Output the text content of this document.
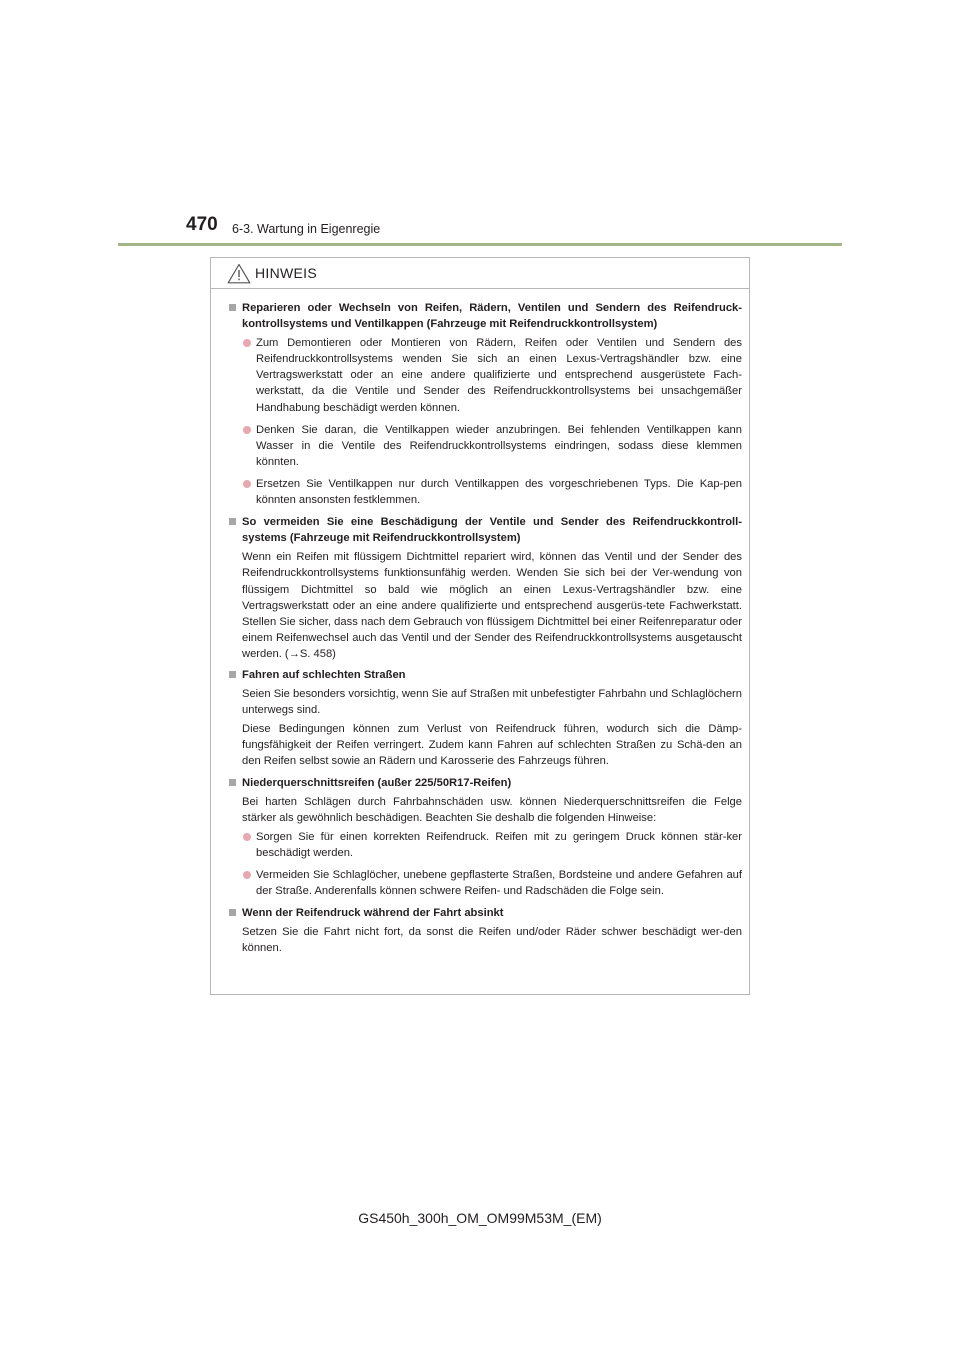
470 6-3. Wartung in Eigenregie
HINWEIS
Reparieren oder Wechseln von Reifen, Rädern, Ventilen und Sendern des Reifendruck-kontrollsystems und Ventilkappen (Fahrzeuge mit Reifendruckkontrollsystem)
Zum Demontieren oder Montieren von Rädern, Reifen oder Ventilen und Sendern des Reifendruckkontrollsystems wenden Sie sich an einen Lexus-Vertragshändler bzw. eine Vertragswerkstatt oder an eine andere qualifizierte und entsprechend ausgerüstete Fach-werkstatt, da die Ventile und Sender des Reifendruckkontrollsystems bei unsachgemäßer Handhabung beschädigt werden können.
Denken Sie daran, die Ventilkappen wieder anzubringen. Bei fehlenden Ventilkappen kann Wasser in die Ventile des Reifendruckkontrollsystems eindringen, sodass diese klemmen könnten.
Ersetzen Sie Ventilkappen nur durch Ventilkappen des vorgeschriebenen Typs. Die Kap-pen könnten ansonsten festklemmen.
So vermeiden Sie eine Beschädigung der Ventile und Sender des Reifendruckkontroll-systems (Fahrzeuge mit Reifendruckkontrollsystem)
Wenn ein Reifen mit flüssigem Dichtmittel repariert wird, können das Ventil und der Sender des Reifendruckkontrollsystems funktionsunfähig werden. Wenden Sie sich bei der Ver-wendung von flüssigem Dichtmittel so bald wie möglich an einen Lexus-Vertragshändler bzw. eine Vertragswerkstatt oder an eine andere qualifizierte und entsprechend ausgerüs-tete Fachwerkstatt. Stellen Sie sicher, dass nach dem Gebrauch von flüssigem Dichtmittel bei einer Reifenreparatur oder einem Reifenwechsel auch das Ventil und der Sender des Reifendruckkontrollsystems ausgetauscht werden. (→S. 458)
Fahren auf schlechten Straßen
Seien Sie besonders vorsichtig, wenn Sie auf Straßen mit unbefestigter Fahrbahn und Schlaglöchern unterwegs sind.
Diese Bedingungen können zum Verlust von Reifendruck führen, wodurch sich die Dämp-fungsfähigkeit der Reifen verringert. Zudem kann Fahren auf schlechten Straßen zu Schä-den an den Reifen selbst sowie an Rädern und Karosserie des Fahrzeugs führen.
Niederquerschnittsreifen (außer 225/50R17-Reifen)
Bei harten Schlägen durch Fahrbahnschäden usw. können Niederquerschnittsreifen die Felge stärker als gewöhnlich beschädigen. Beachten Sie deshalb die folgenden Hinweise:
Sorgen Sie für einen korrekten Reifendruck. Reifen mit zu geringem Druck können stär-ker beschädigt werden.
Vermeiden Sie Schlaglöcher, unebene gepflasterte Straßen, Bordsteine und andere Gefahren auf der Straße. Anderenfalls können schwere Reifen- und Radschäden die Folge sein.
Wenn der Reifendruck während der Fahrt absinkt
Setzen Sie die Fahrt nicht fort, da sonst die Reifen und/oder Räder schwer beschädigt wer-den können.
GS450h_300h_OM_OM99M53M_(EM)
